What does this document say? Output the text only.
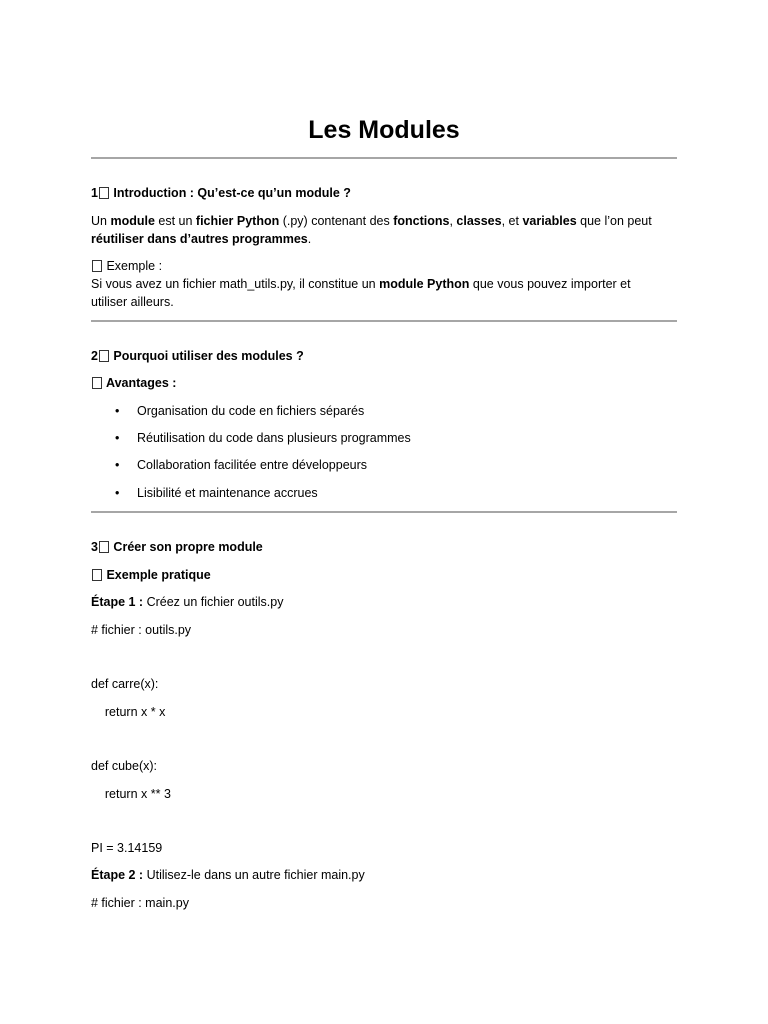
Les Modules
1 Introduction : Qu’est-ce qu’un module ?
Un module est un fichier Python (.py) contenant des fonctions, classes, et variables que l’on peut
réutiliser dans d’autres programmes.
Exemple :
Si vous avez un fichier math_utils.py, il constitue un module Python que vous pouvez importer et
utiliser ailleurs.
2 Pourquoi utiliser des modules ?
Avantages :
• Organisation du code en fichiers séparés
• Réutilisation du code dans plusieurs programmes
• Collaboration facilitée entre développeurs
• Lisibilité et maintenance accrues
3 Créer son propre module
Exemple pratique
Étape 1 : Créez un fichier outils.py
# fichier : outils.py
def carre(x):
return x * x
def cube(x):
return x ** 3
PI = 3.14159
Étape 2 : Utilisez-le dans un autre fichier main.py
# fichier : main.py
